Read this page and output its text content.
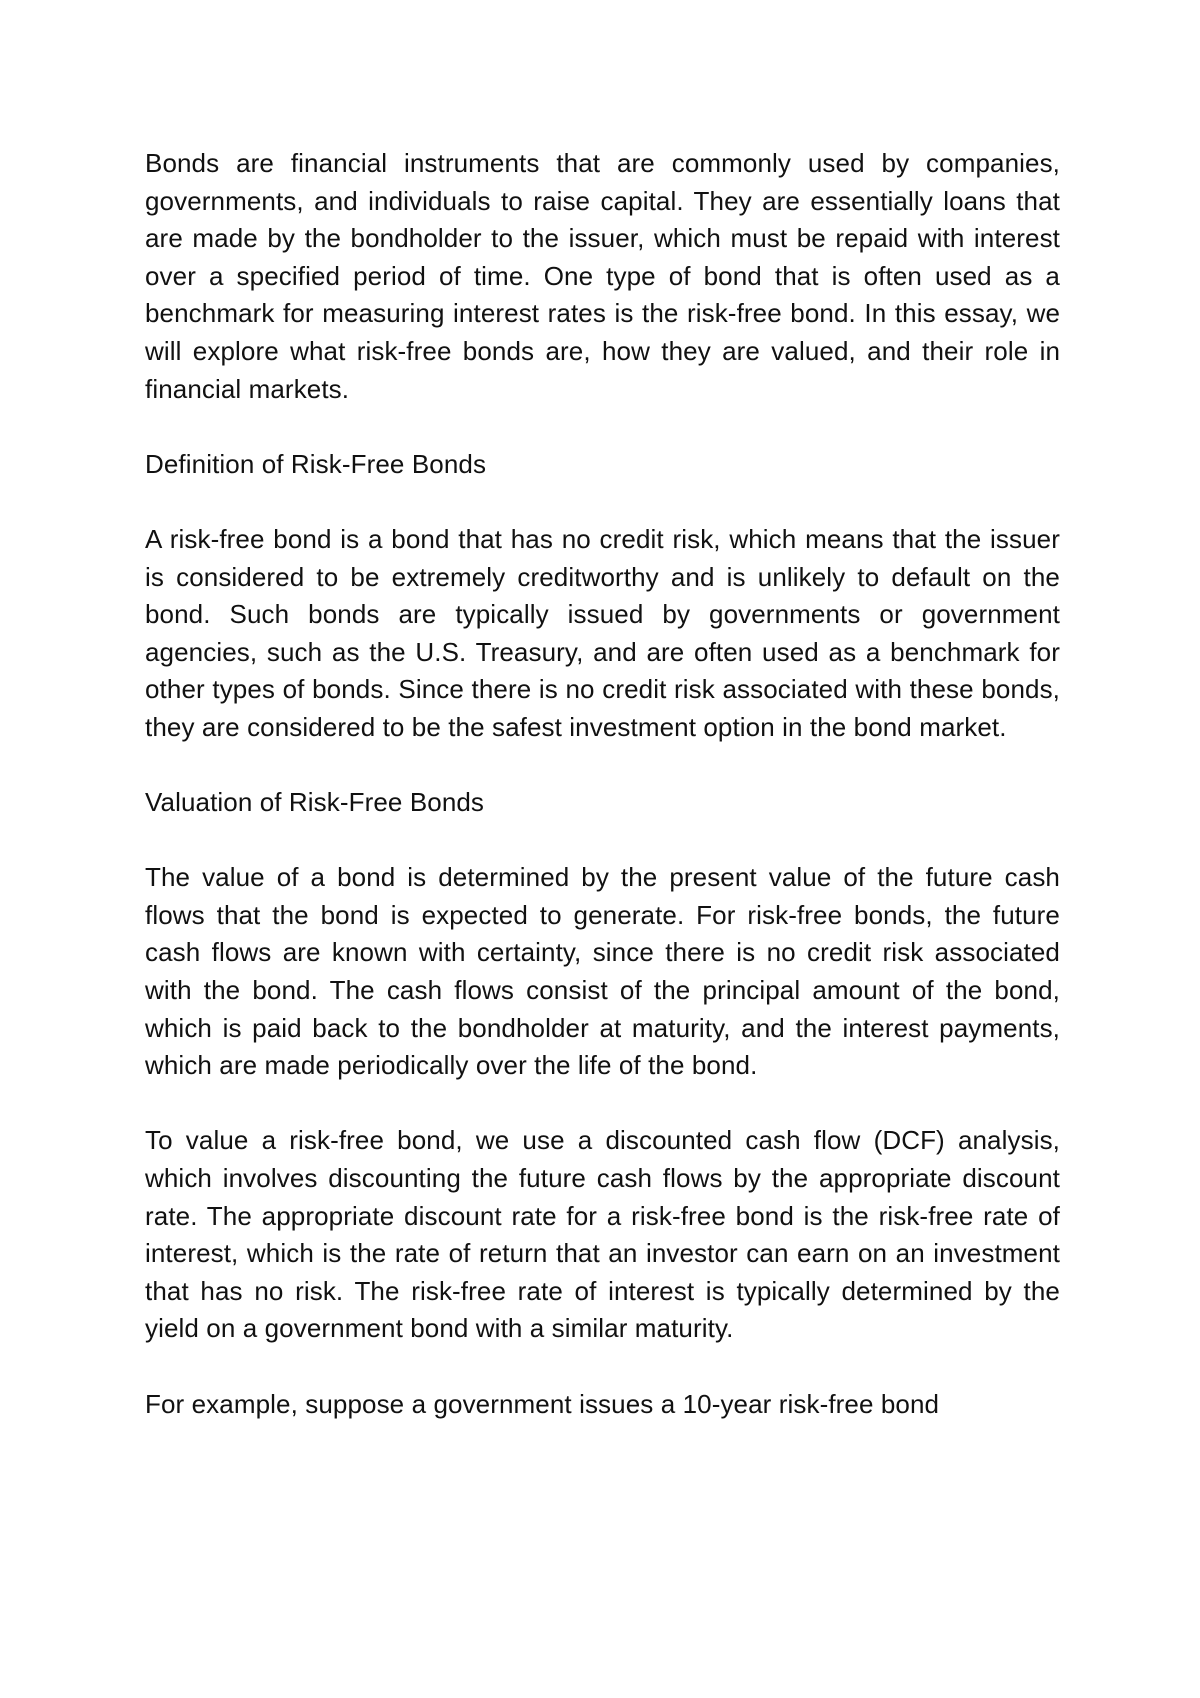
Bonds are financial instruments that are commonly used by companies, governments, and individuals to raise capital. They are essentially loans that are made by the bondholder to the issuer, which must be repaid with interest over a specified period of time. One type of bond that is often used as a benchmark for measuring interest rates is the risk-free bond. In this essay, we will explore what risk-free bonds are, how they are valued, and their role in financial markets.

Definition of Risk-Free Bonds

A risk-free bond is a bond that has no credit risk, which means that the issuer is considered to be extremely creditworthy and is unlikely to default on the bond. Such bonds are typically issued by governments or government agencies, such as the U.S. Treasury, and are often used as a benchmark for other types of bonds. Since there is no credit risk associated with these bonds, they are considered to be the safest investment option in the bond market.

Valuation of Risk-Free Bonds

The value of a bond is determined by the present value of the future cash flows that the bond is expected to generate. For risk-free bonds, the future cash flows are known with certainty, since there is no credit risk associated with the bond. The cash flows consist of the principal amount of the bond, which is paid back to the bondholder at maturity, and the interest payments, which are made periodically over the life of the bond.

To value a risk-free bond, we use a discounted cash flow (DCF) analysis, which involves discounting the future cash flows by the appropriate discount rate. The appropriate discount rate for a risk-free bond is the risk-free rate of interest, which is the rate of return that an investor can earn on an investment that has no risk. The risk-free rate of interest is typically determined by the yield on a government bond with a similar maturity.

For example, suppose a government issues a 10-year risk-free bond
